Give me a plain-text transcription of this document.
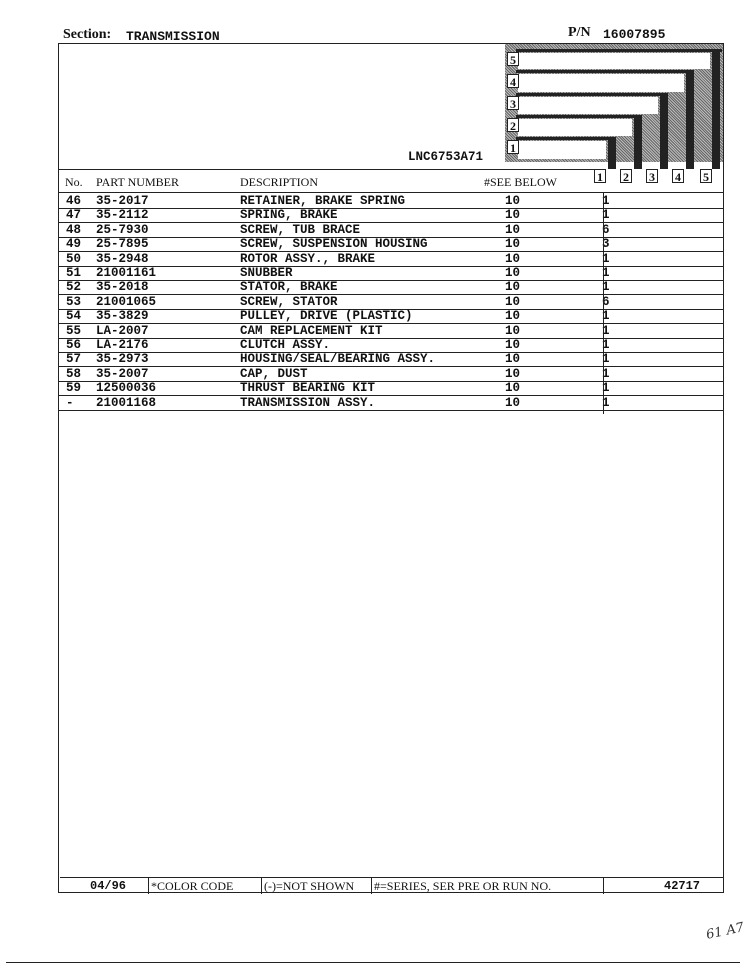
Section: TRANSMISSION	P/N 16007895
5
4
3
2
1
1 2 3 4 5
LNC6753A71
No. PART NUMBER	DESCRIPTION	#SEE BELOW
46 35-2017	RETAINER, BRAKE SPRING	10	1
47 35-2112	SPRING, BRAKE	10	1
48 25-7930	SCREW, TUB BRACE	10	6
49 25-7895	SCREW, SUSPENSION HOUSING	10	3
50 35-2948	ROTOR ASSY., BRAKE	10	1
51 21001161	SNUBBER	10	1
52 35-2018	STATOR, BRAKE	10	1
53 21001065	SCREW, STATOR	10	6
54 35-3829	PULLEY, DRIVE (PLASTIC)	10	1
55 LA-2007	CAM REPLACEMENT KIT	10	1
56 LA-2176	CLUTCH ASSY.	10	1
57 35-2973	HOUSING/SEAL/BEARING ASSY.	10	1
58 35-2007	CAP, DUST	10	1
59 12500036	THRUST BEARING KIT	10	1
- 21001168	TRANSMISSION ASSY.	10	1
04/96 *COLOR CODE	(-)=NOT SHOWN #=SERIES, SER PRE OR RUN NO.	42717
61 A7
